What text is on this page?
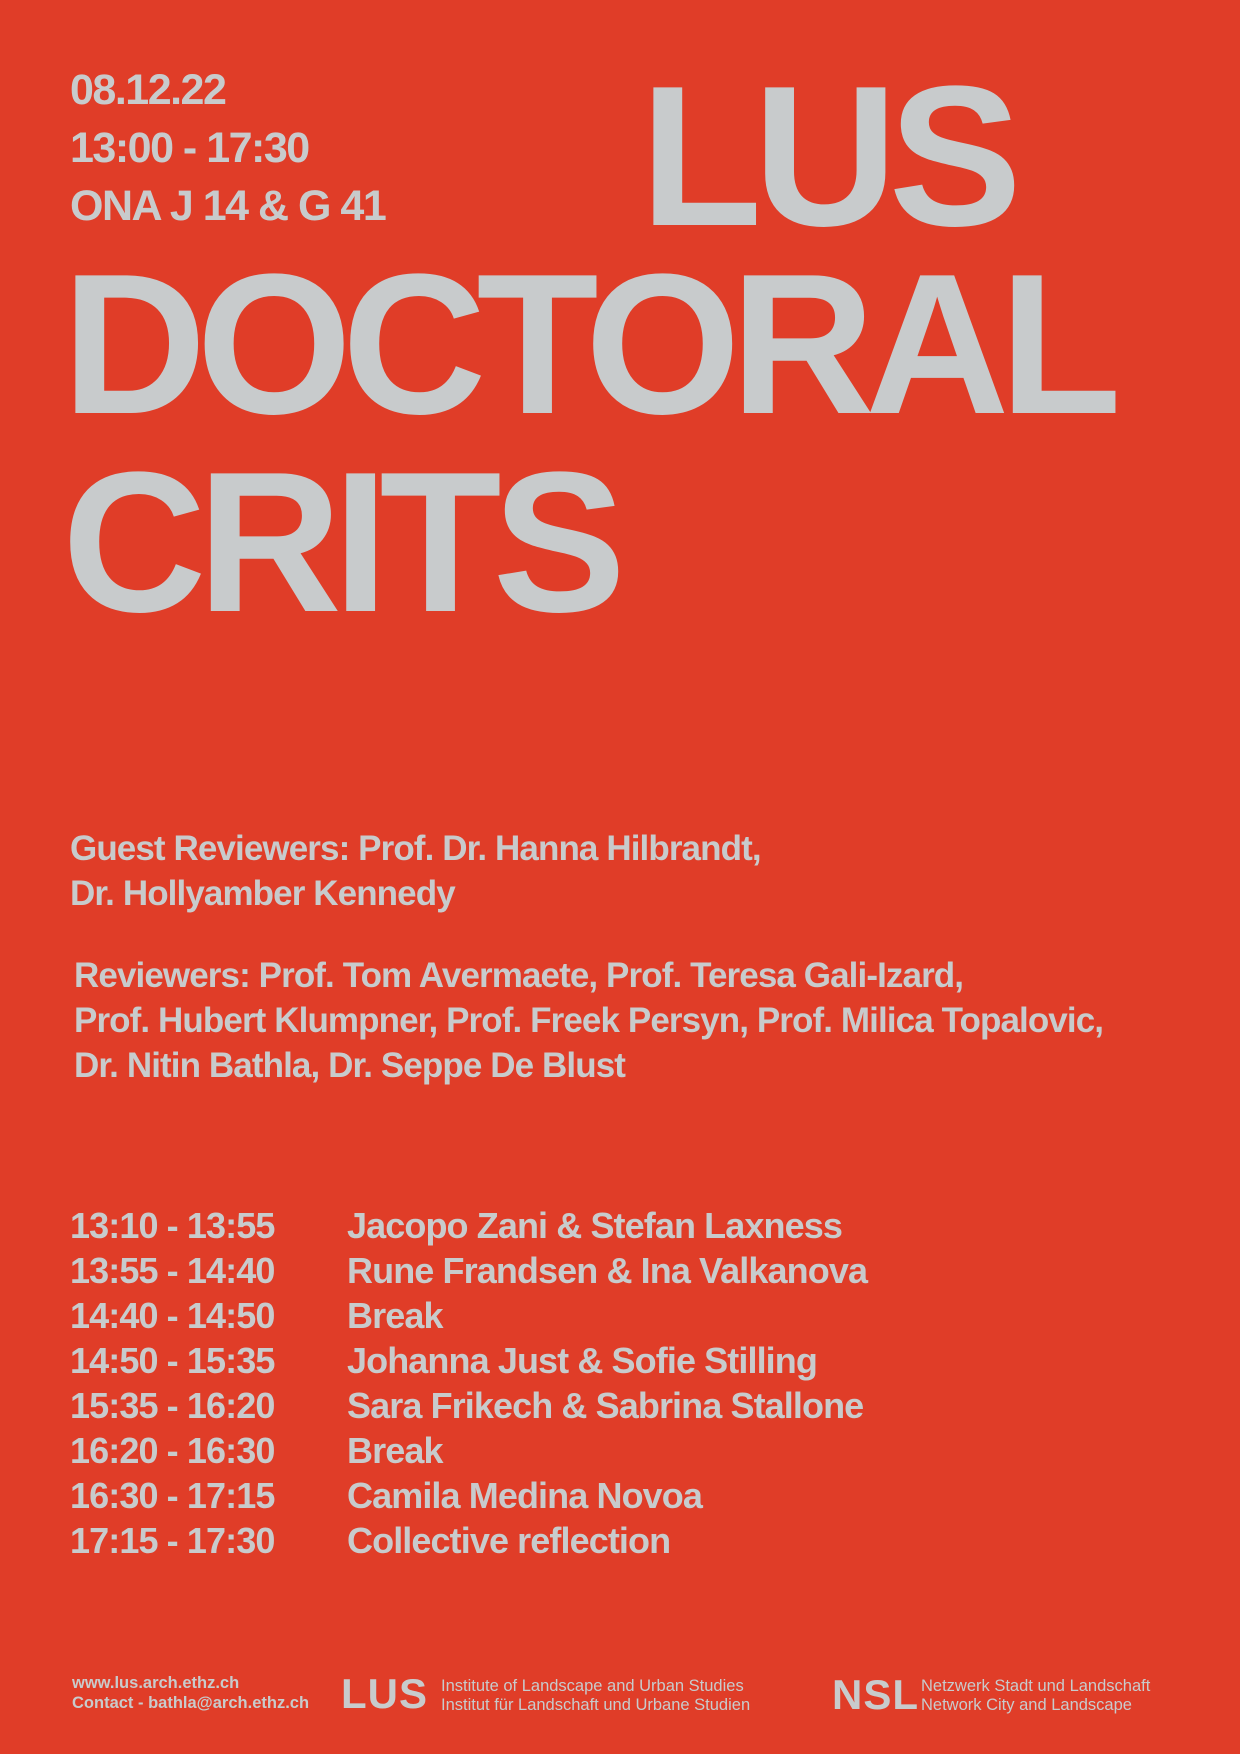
08.12.22
13:00 - 17:30
ONA J 14 & G 41 LUS
DOCTORAL
CRITS
Guest Reviewers: Prof. Dr. Hanna Hilbrandt,
Dr. Hollyamber Kennedy
Reviewers: Prof. Tom Avermaete, Prof. Teresa Gali-Izard,
Prof. Hubert Klumpner, Prof. Freek Persyn, Prof. Milica Topalovic,
Dr. Nitin Bathla, Dr. Seppe De Blust
13:10 - 13:55 Jacopo Zani & Stefan Laxness
13:55 - 14:40 Rune Frandsen & Ina Valkanova
14:40 - 14:50 Break
14:50 - 15:35 Johanna Just & Sofie Stilling
15:35 - 16:20 Sara Frikech & Sabrina Stallone
16:20 - 16:30 Break
16:30 - 17:15 Camila Medina Novoa
17:15 - 17:30 Collective reflection
www.lus.arch.ethz.ch
Contact - bathla@arch.ethz.ch LUS Institute of Landscape and Urban Studies
Institut für Landschaft und Urbane Studien NSL Netzwerk Stadt und Landschaft
Network City and Landscape
